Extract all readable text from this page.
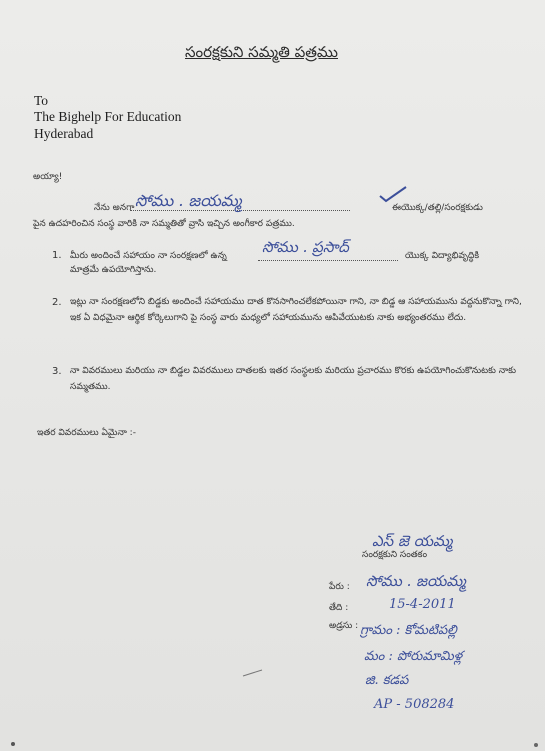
సంరక్షకుని సమ్మతి పత్రము
To
The Bighelp For Education
Hyderabad
అయ్యా!
నేను అనగా సోము . జయమ్మ	ఈయొక్క/తల్లి/సంరక్షకుడు
పైన ఉదహరించిన సంస్థ వారికి నా సమ్మతితో వ్రాసి ఇచ్చిన అంగీకార పత్రము.
1. మీరు అందించే సహాయం నా సంరక్షణలో ఉన్న సోము . ప్రసాద్	యొక్క విద్యాభివృద్ధికి
మాత్రమే ఉపయోగిస్తాను.
2. ఇట్లు నా సంరక్షణలోని బిడ్డకు అందించే సహాయము దాత కొనసాగించలేకపోయినా గాని, నా బిడ్డ ఆ సహాయమును వద్దనుకొన్నా గాని, ఇక ఏ విధమైనా ఆర్థిక కోర్కెలుగాని పై సంస్థ వారు మధ్యలో సహాయమును ఆపివేయుటకు నాకు అభ్యంతరము లేదు.
3. నా వివరములు మరియు నా బిడ్డల వివరములు దాతలకు ఇతర సంస్థలకు మరియు ప్రచారము కొరకు ఉపయోగించుకొనుటకు నాకు సమ్మతము.
ఇతర వివరములు ఏమైనా :-
ఎస్ జె యమ్మ
సంరక్షకుని సంతకం
పేరు : సోము . జయమ్మ
తేది :	15-4-2011
అడ్రసు : గ్రామం : కోమటిపల్లి
మం : పోరుమామిళ్ల
జి. కడప
AP - 508284
